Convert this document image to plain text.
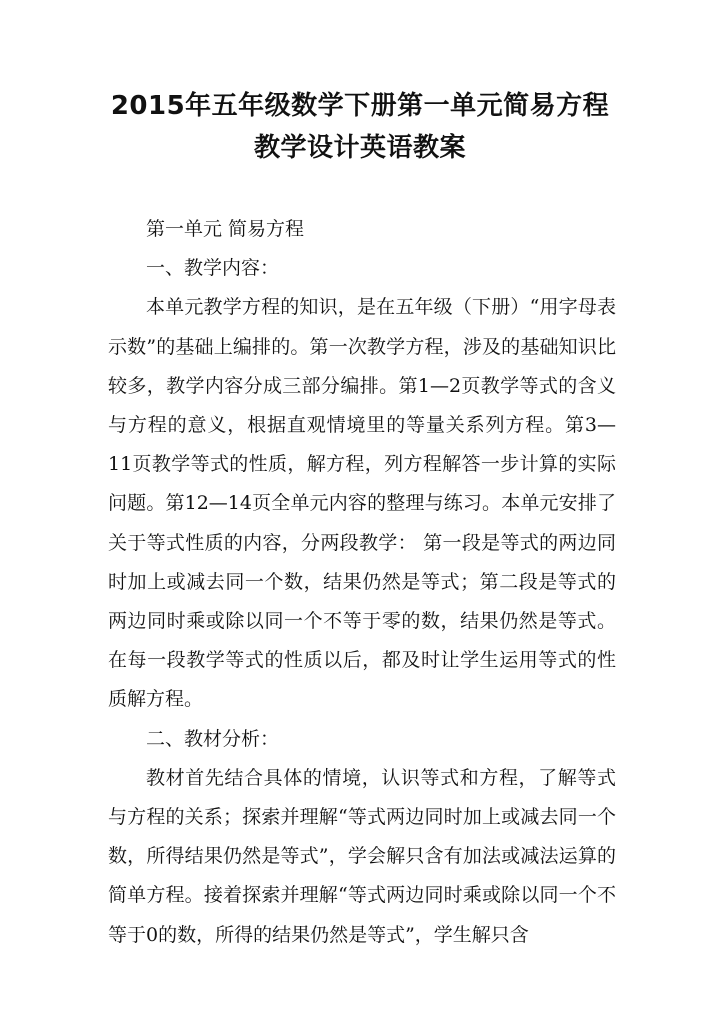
2015年五年级数学下册第一单元简易方程
教学设计英语教案

第一单元 简易方程

一、教学内容：

本单元教学方程的知识，是在五年级（下册）“用字母表示数”的基础上编排的。第一次教学方程，涉及的基础知识比较多，教学内容分成三部分编排。第1—2页教学等式的含义与方程的意义，根据直观情境里的等量关系列方程。第3—11页教学等式的性质，解方程，列方程解答一步计算的实际问题。第12—14页全单元内容的整理与练习。本单元安排了关于等式性质的内容，分两段教学： 第一段是等式的两边同时加上或减去同一个数，结果仍然是等式；第二段是等式的两边同时乘或除以同一个不等于零的数，结果仍然是等式。在每一段教学等式的性质以后，都及时让学生运用等式的性质解方程。

二、教材分析：

教材首先结合具体的情境，认识等式和方程，了解等式与方程的关系；探索并理解“等式两边同时加上或减去同一个数，所得结果仍然是等式”，学会解只含有加法或减法运算的简单方程。接着探索并理解“等式两边同时乘或除以同一个不等于0的数，所得的结果仍然是等式”，学生解只含
